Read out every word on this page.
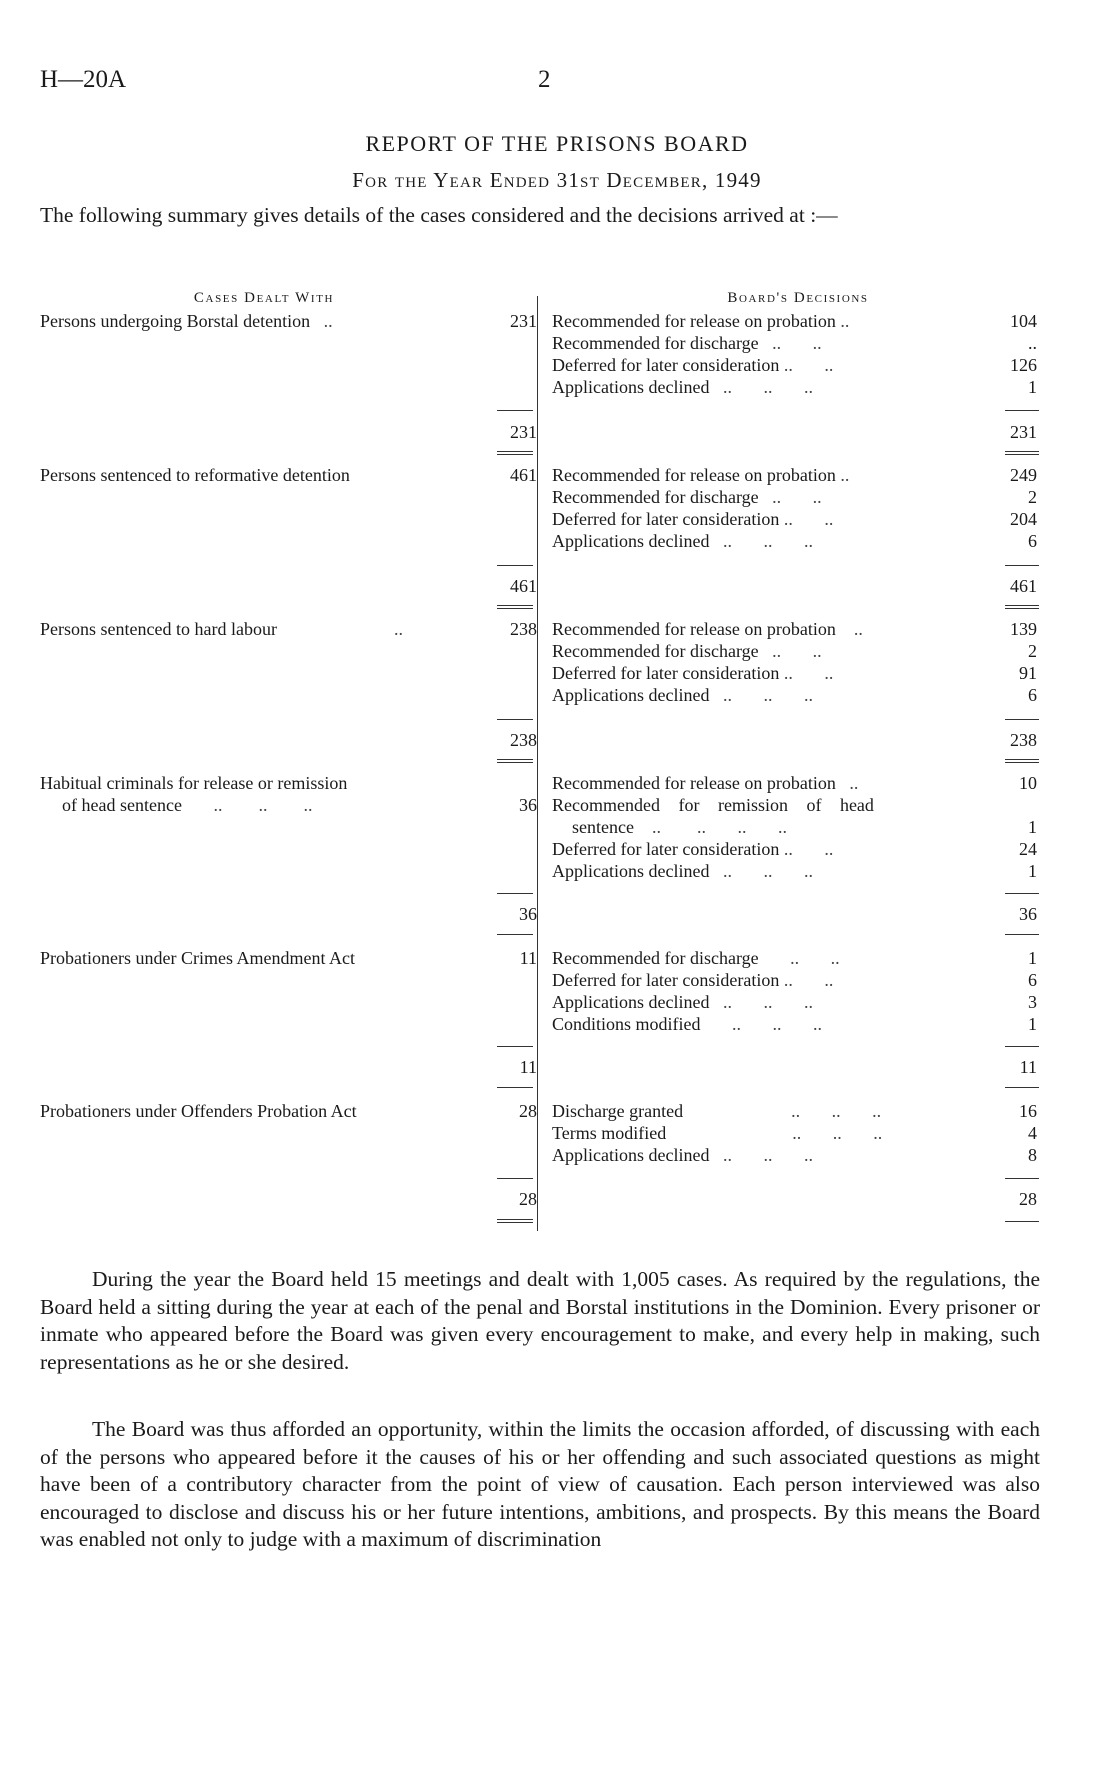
H—20A	2
REPORT OF THE PRISONS BOARD
For the Year Ended 31st December, 1949
The following summary gives details of the cases considered and the decisions arrived at :—
Cases Dealt With	Board's Decisions
Persons undergoing Borstal detention   ..	231 Recommended for release on probation ..	104
Recommended for discharge   ..       ..	..
Deferred for later consideration ..       ..	126
Applications declined   ..       ..       ..	1
231	231
Persons sentenced to reformative detention	461 Recommended for release on probation ..	249
Recommended for discharge   ..       ..	2
Deferred for later consideration ..       ..	204
Applications declined   ..       ..       ..	6
461	461
Persons sentenced to hard labour                          ..	238 Recommended for release on probation    ..	139
Recommended for discharge   ..       ..	2
Deferred for later consideration ..       ..	91
Applications declined   ..       ..       ..	6
238	238
Habitual criminals for release or remission
of head sentence       ..        ..        ..	36
Recommended for release on probation   ..	10
Recommended for remission of head
sentence    ..        ..       ..       ..	1
Deferred for later consideration ..       ..	24
Applications declined   ..       ..       ..	1
36	36
Probationers under Crimes Amendment Act	11 Recommended for discharge       ..       ..	1
Deferred for later consideration ..       ..	6
Applications declined   ..       ..       ..	3
Conditions modified       ..       ..       ..	1
11	11
Probationers under Offenders Probation Act	28 Discharge granted                        ..       ..       ..	16
Terms modified                            ..       ..       ..	4
Applications declined   ..       ..       ..	8
28	28
During the year the Board held 15 meetings and dealt with 1,005 cases. As required by the regulations, the Board held a sitting during the year at each of the penal and Borstal institutions in the Dominion. Every prisoner or inmate who appeared before the Board was given every encouragement to make, and every help in making, such representations as he or she desired.
The Board was thus afforded an opportunity, within the limits the occasion afforded, of discussing with each of the persons who appeared before it the causes of his or her offending and such associated questions as might have been of a contributory character from the point of view of causation. Each person interviewed was also encouraged to disclose and discuss his or her future intentions, ambitions, and prospects. By this means the Board was enabled not only to judge with a maximum of discrimination
